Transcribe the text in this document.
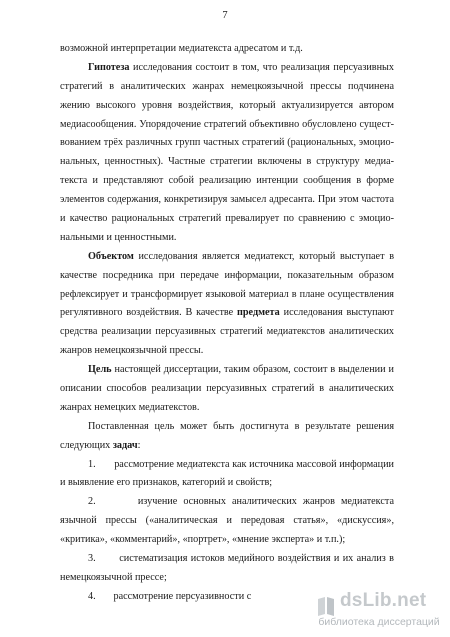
7
возможной интерпретации медиатекста адресатом и т.д.
Гипотеза исследования состоит в том, что реализация персуазивных
стратегий в аналитических жанрах немецкоязычной прессы подчинена
жению высокого уровня воздействия, который актуализируется автором
медиасообщения. Упорядочение стратегий объективно обусловлено сущест-
вованием трёх различных групп частных стратегий (рациональных, эмоцио-
нальных, ценностных). Частные стратегии включены в структуру медиа-
текста и представляют собой реализацию интенции сообщения в форме
элементов содержания, конкретизируя замысел адресанта. При этом частота
и качество рациональных стратегий превалирует по сравнению с эмоцио-
нальными и ценностными.
Объектом исследования является медиатекст, который выступает в
качестве посредника при передаче информации, показательным образом
рефлексирует и трансформирует языковой материал в плане осуществления
регулятивного воздействия. В качестве предмета исследования выступают
средства реализации персуазивных стратегий медиатекстов аналитических
жанров немецкоязычной прессы.
Цель настоящей диссертации, таким образом, состоит в выделении и
описании способов реализации персуазивных стратегий в аналитических
жанрах немецких медиатекстов.
Поставленная цель может быть достигнута в результате решения
следующих задач:
1.       рассмотрение медиатекста как источника массовой информации
и выявление его признаков, категорий и свойств;
2.       изучение основных аналитических жанров медиатекста
язычной прессы («аналитическая и передовая статья», «дискуссия»,
«критика», «комментарий», «портрет», «мнение эксперта» и т.п.);
3.       систематизация истоков медийного воздействия и их анализ в
немецкоязычной прессе;
4.       рассмотрение персуазивности с	dsLib.net
библиотека диссертаций
